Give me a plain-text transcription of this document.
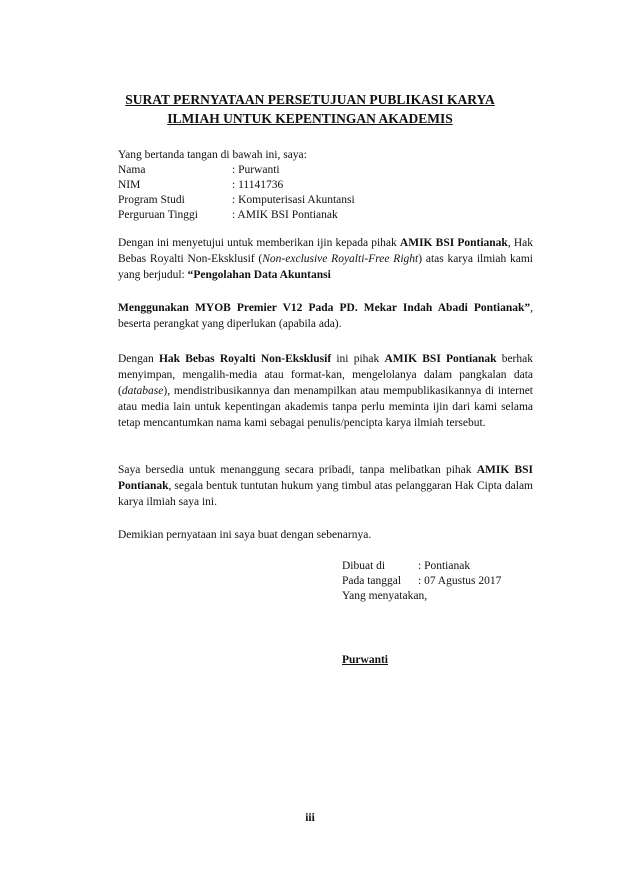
SURAT PERNYATAAN PERSETUJUAN PUBLIKASI KARYA
ILMIAH UNTUK KEPENTINGAN AKADEMIS
Yang bertanda tangan di bawah ini, saya:
Nama	: Purwanti
NIM	: 11141736
Program Studi	: Komputerisasi Akuntansi
Perguruan Tinggi	: AMIK BSI Pontianak
Dengan ini menyetujui untuk memberikan ijin kepada pihak AMIK BSI Pontianak, Hak Bebas Royalti Non-Eksklusif (Non-exclusive Royalti-Free Right) atas karya ilmiah kami yang berjudul: “Pengolahan Data Akuntansi
Menggunakan MYOB Premier V12 Pada PD. Mekar Indah Abadi Pontianak”, beserta perangkat yang diperlukan (apabila ada).
Dengan Hak Bebas Royalti Non-Eksklusif ini pihak AMIK BSI Pontianak berhak menyimpan, mengalih-media atau format-kan, mengelolanya dalam pangkalan data (database), mendistribusikannya dan menampilkan atau mempublikasikannya di internet atau media lain untuk kepentingan akademis tanpa perlu meminta ijin dari kami selama tetap mencantumkan nama kami sebagai penulis/pencipta karya ilmiah tersebut.
Saya bersedia untuk menanggung secara pribadi, tanpa melibatkan pihak AMIK BSI Pontianak, segala bentuk tuntutan hukum yang timbul atas pelanggaran Hak Cipta dalam karya ilmiah saya ini.
Demikian pernyataan ini saya buat dengan sebenarnya.
Dibuat di	: Pontianak
Pada tanggal	: 07 Agustus 2017
Yang menyatakan,
Purwanti
iii
